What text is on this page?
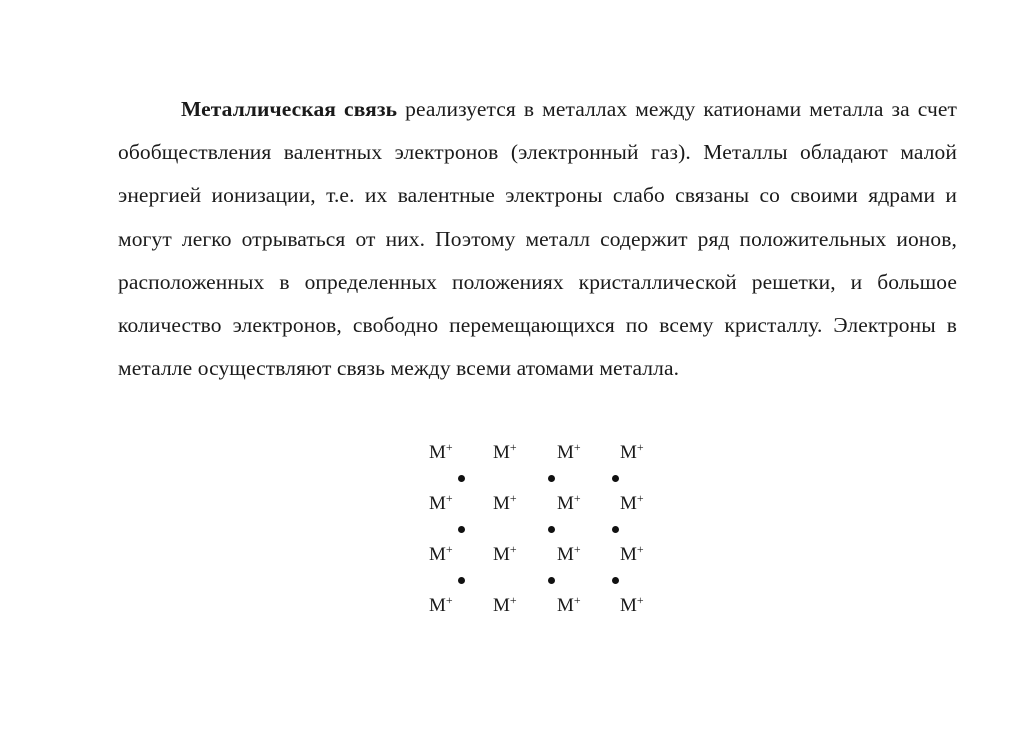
Металлическая связь реализуется в металлах между катионами металла за счет обобществления валентных электронов (электронный газ). Металлы обладают малой энергией ионизации, т.е. их валентные электроны слабо связаны со своими ядрами и могут легко отрываться от них. Поэтому металл содержит ряд положительных ионов, расположенных в определенных положениях кристаллической решетки, и большое количество электронов, свободно перемещающихся по всему кристаллу. Электроны в металле осуществляют связь между всеми атомами металла.
M+ M+ M+ M+
M+ M+ M+ M+
M+ M+ M+ M+
M+ M+ M+ M+
